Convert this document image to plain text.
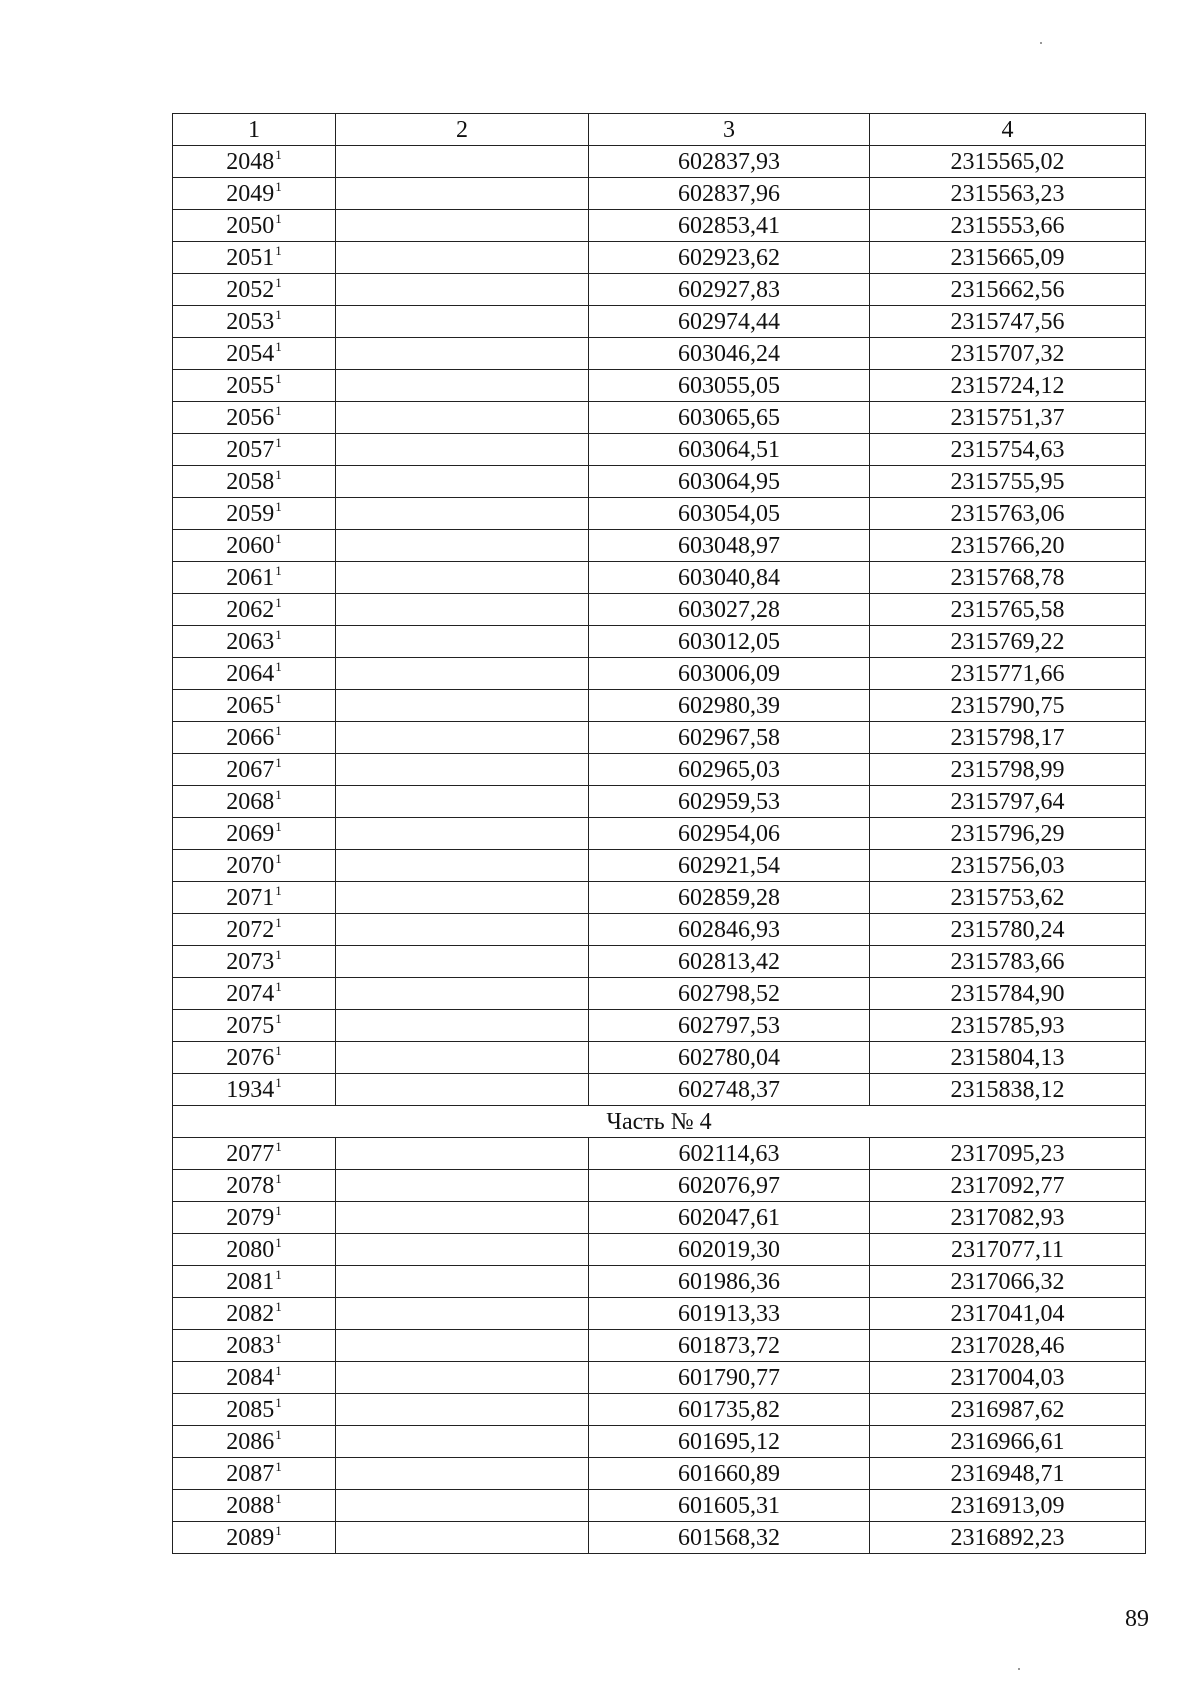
1	2	3	4
2048$^1$		602837,93	2315565,02
2049$^1$		602837,96	2315563,23
2050$^1$		602853,41	2315553,66
2051$^1$		602923,62	2315665,09
2052$^1$		602927,83	2315662,56
2053$^1$		602974,44	2315747,56
2054$^1$		603046,24	2315707,32
2055$^1$		603055,05	2315724,12
2056$^1$		603065,65	2315751,37
2057$^1$		603064,51	2315754,63
2058$^1$		603064,95	2315755,95
2059$^1$		603054,05	2315763,06
2060$^1$		603048,97	2315766,20
2061$^1$		603040,84	2315768,78
2062$^1$		603027,28	2315765,58
2063$^1$		603012,05	2315769,22
2064$^1$		603006,09	2315771,66
2065$^1$		602980,39	2315790,75
2066$^1$		602967,58	2315798,17
2067$^1$		602965,03	2315798,99
2068$^1$		602959,53	2315797,64
2069$^1$		602954,06	2315796,29
2070$^1$		602921,54	2315756,03
2071$^1$		602859,28	2315753,62
2072$^1$		602846,93	2315780,24
2073$^1$		602813,42	2315783,66
2074$^1$		602798,52	2315784,90
2075$^1$		602797,53	2315785,93
2076$^1$		602780,04	2315804,13
1934$^1$		602748,37	2315838,12
Часть № 4			
2077$^1$		602114,63	2317095,23
2078$^1$		602076,97	2317092,77
2079$^1$		602047,61	2317082,93
2080$^1$		602019,30	2317077,11
2081$^1$		601986,36	2317066,32
2082$^1$		601913,33	2317041,04
2083$^1$		601873,72	2317028,46
2084$^1$		601790,77	2317004,03
2085$^1$		601735,82	2316987,62
2086$^1$		601695,12	2316966,61
2087$^1$		601660,89	2316948,71
2088$^1$		601605,31	2316913,09
2089$^1$		601568,32	2316892,23
89
